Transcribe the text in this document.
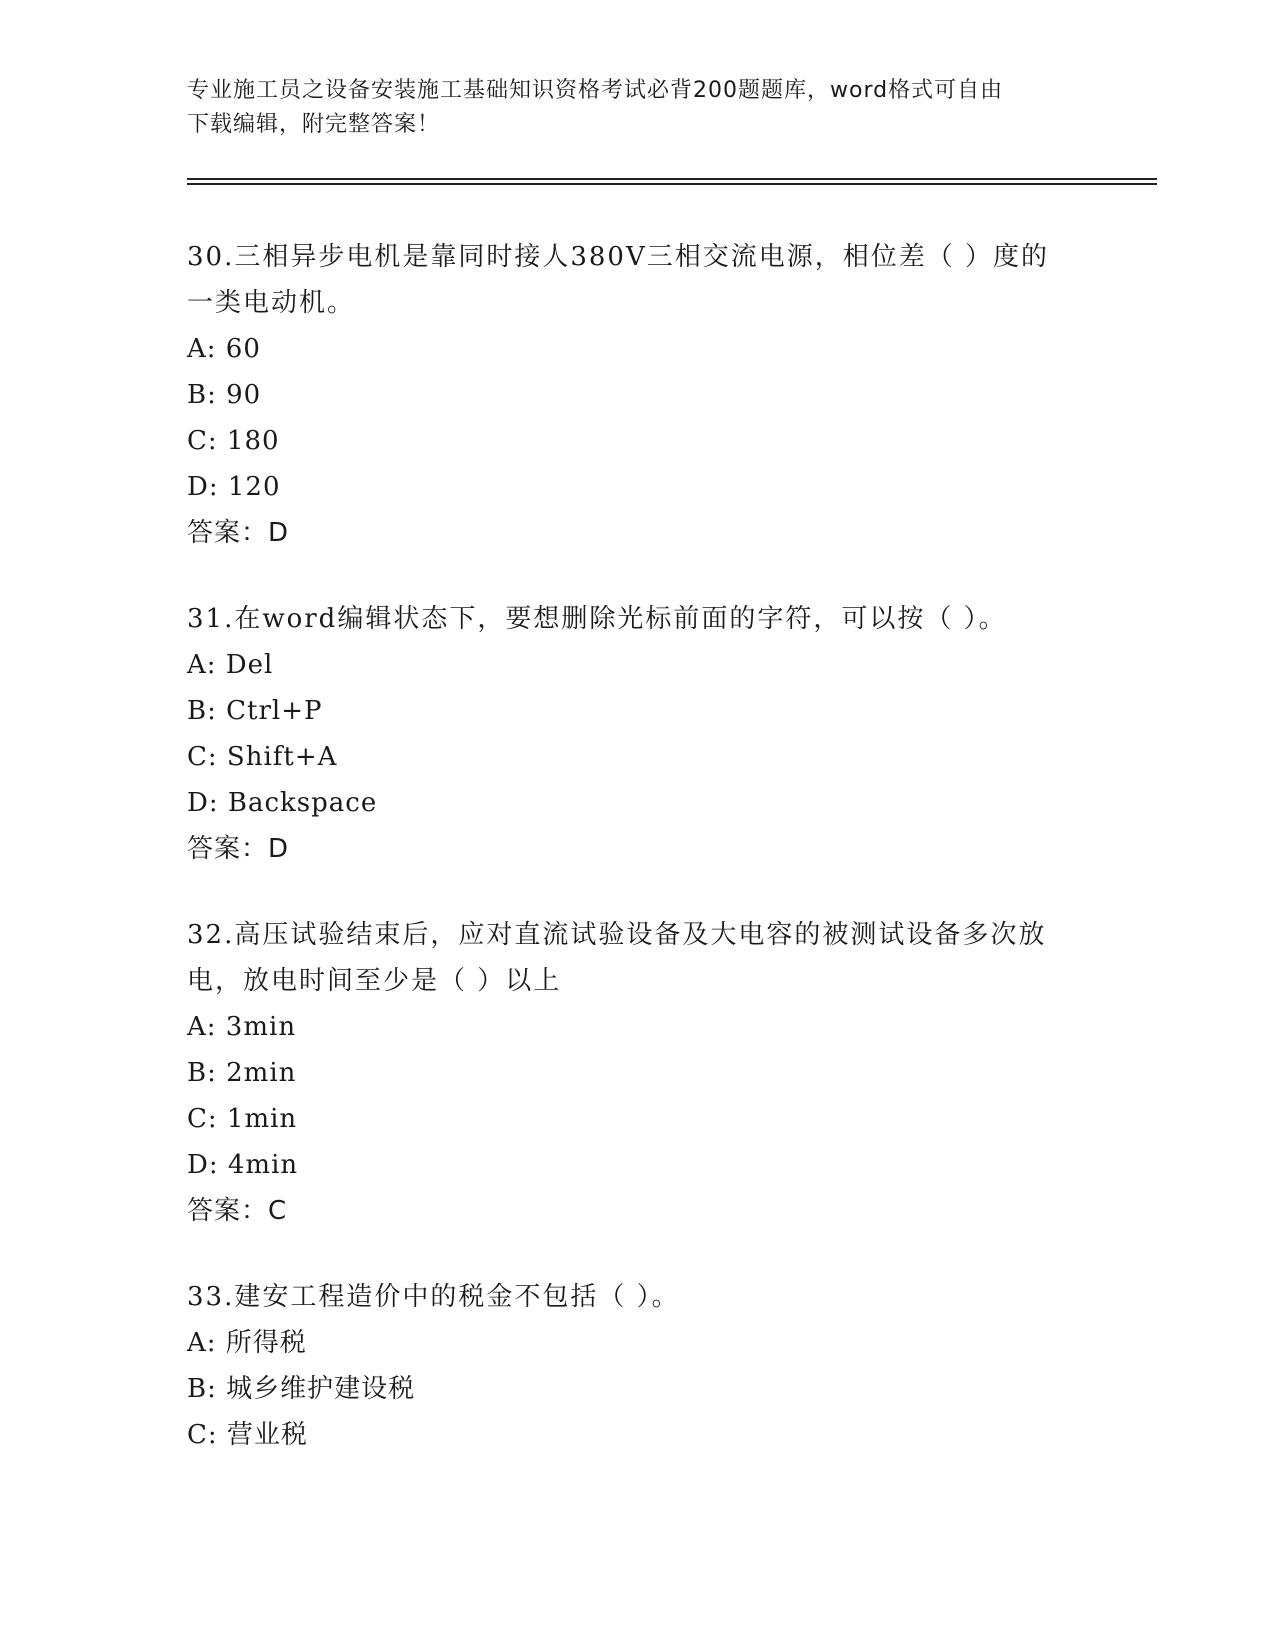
专业施工员之设备安装施工基础知识资格考试必背200题题库，word格式可自由
下载编辑，附完整答案！
30.三相异步电机是靠同时接人380V三相交流电源，相位差（ ）度的
一类电动机。
A: 60
B: 90
C: 180
D: 120
答案：D
31.在word编辑状态下，要想删除光标前面的字符，可以按（ ）。
A: Del
B: Ctrl+P
C: Shift+A
D: Backspace
答案：D
32.高压试验结束后，应对直流试验设备及大电容的被测试设备多次放
电，放电时间至少是（ ）以上
A: 3min
B: 2min
C: 1min
D: 4min
答案：C
33.建安工程造价中的税金不包括（ ）。
A: 所得税
B: 城乡维护建设税
C: 营业税
